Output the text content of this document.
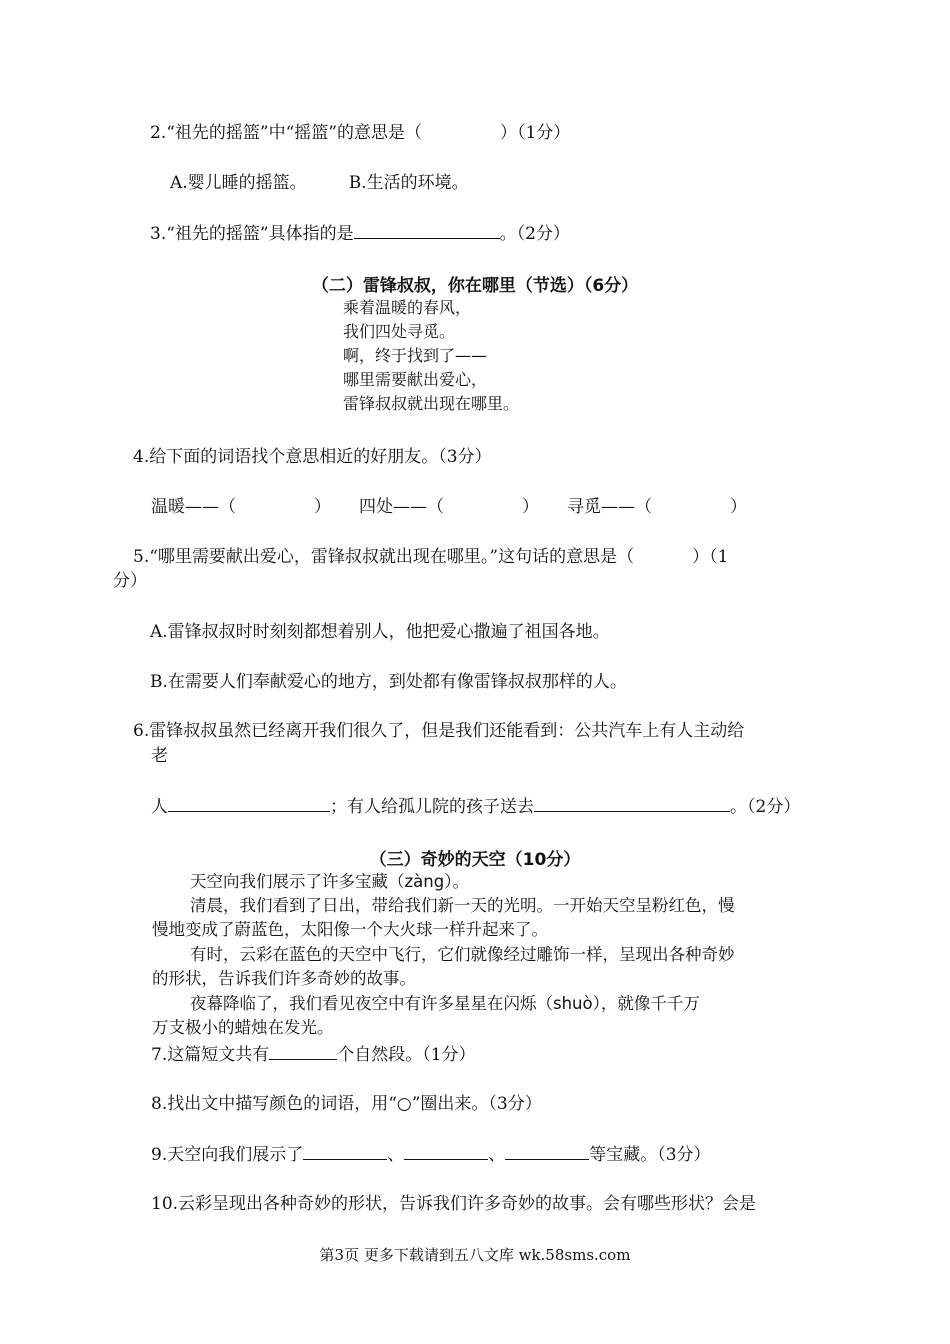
2.“祖先的摇篮”中“摇篮”的意思是（	）（1分）
A.婴儿睡的摇篮。 B.生活的环境。
3.“祖先的摇篮”具体指的是	。（2分）
（二）雷锋叔叔，你在哪里（节选）（6分）
乘着温暖的春风，
我们四处寻觅。
啊，终于找到了——
哪里需要献出爱心，
雷锋叔叔就出现在哪里。
4.给下面的词语找个意思相近的好朋友。（3分）
温暖——（	） 四处——（	） 寻觅——（	）
5.“哪里需要献出爱心，雷锋叔叔就出现在哪里。”这句话的意思是（	）（1
分）
A.雷锋叔叔时时刻刻都想着别人，他把爱心撒遍了祖国各地。
B.在需要人们奉献爱心的地方，到处都有像雷锋叔叔那样的人。
6.雷锋叔叔虽然已经离开我们很久了，但是我们还能看到：公共汽车上有人主动给
老
人	；有人给孤儿院的孩子送去	。（2分）
（三）奇妙的天空（10分）
天空向我们展示了许多宝藏（zàng）。
清晨，我们看到了日出，带给我们新一天的光明。一开始天空呈粉红色，慢
慢地变成了蔚蓝色，太阳像一个大火球一样升起来了。
有时，云彩在蓝色的天空中飞行，它们就像经过雕饰一样，呈现出各种奇妙
的形状，告诉我们许多奇妙的故事。
夜幕降临了，我们看见夜空中有许多星星在闪烁（shuò），就像千千万
万支极小的蜡烛在发光。
7.这篇短文共有	个自然段。（1分）
8.找出文中描写颜色的词语，用“○”圈出来。（3分）
9.天空向我们展示了	、	、	等宝藏。（3分）
10.云彩呈现出各种奇妙的形状，告诉我们许多奇妙的故事。会有哪些形状？会是
第3页 更多下载请到五八文库 wk.58sms.com
